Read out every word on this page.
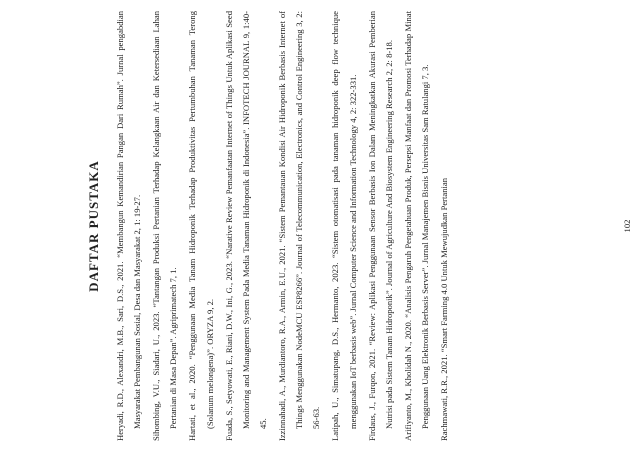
DAFTAR PUSTAKA	Heryadi, R.D., Alexandri, M.B., Sari, D.S., 2021. “Membangun Kemandirian Pangan Dari Rumah”. Jurnal pengabdian Masyarakat Pembangunan Sosial, Desa dan Masyarakat 2, 1: 19-27.	Sihombing, V.U., Siadari, U., 2023. “Tantangan Produksi Pertanian Terhadap Kelangkaan Air dan Ketersediaan Lahan Pertanian di Masa Depan”. Agriprimatech 7, 1.	Hartati, et al., 2020. “Penggunaan Media Tanam Hidroponik Terhadap Produktivitas Pertumbuhan Tanaman Terong (Solanum melongena)”. ORYZA 9, 2.	Fuada, S., Setyowati, E., Riani, D.W., Ini, G., 2023. “Narative Review Pemanfaatan Internet of Things Untuk Aplikasi Seed Monitoring and Management System Pada Media Tanaman Hidroponik di Indonesia”. INFOTECH JOURNAL 9, 1:40-45.	Izzinnahadi, A., Murdiantoro, R.A., Armin, E.U., 2021. “Sistem Pemantauan Kondisi Air Hidroponik Berbasis Internet of Things Menggunakan NodeMCU ESP8266”. Journal of Telecommunication, Electronics, and Control Engineering 3, 2: 56-63.	Latipah, U., Simatupang, D.S., Hermanto, 2023. “Sistem otomatisasi pada tanaman hidroponik deep flow technique menggunakan IoT berbasis web”. Jurnal Computer Science and Information Technology 4, 2: 322-331.	Firdaus, J., Furqon, 2021. “Review: Aplikasi Penggunaan Sensor Berbasis Ion Dalam Meningkatkan Akurasi Pemberian Nutrisi pada Sistem Tanam Hidroponik”. Journal of Agriculture And Biosystem Engineering Research 2, 2: 8-18.	Arifiyanto, M., Kholidah N., 2020. “Analisis Pengaruh Pengetahuan Produk, Persepsi Manfaat dan Promosi Terhadap Minat Penggunaan Uang Elektronik Berbasis Server”. Jurnal Manajemen Bisnis Universitas Sam Ratulangi 7, 3.	Rachmawati, R.R., 2021. “Smart Farming 4.0 Untuk Mewujudkan Pertanian	102
